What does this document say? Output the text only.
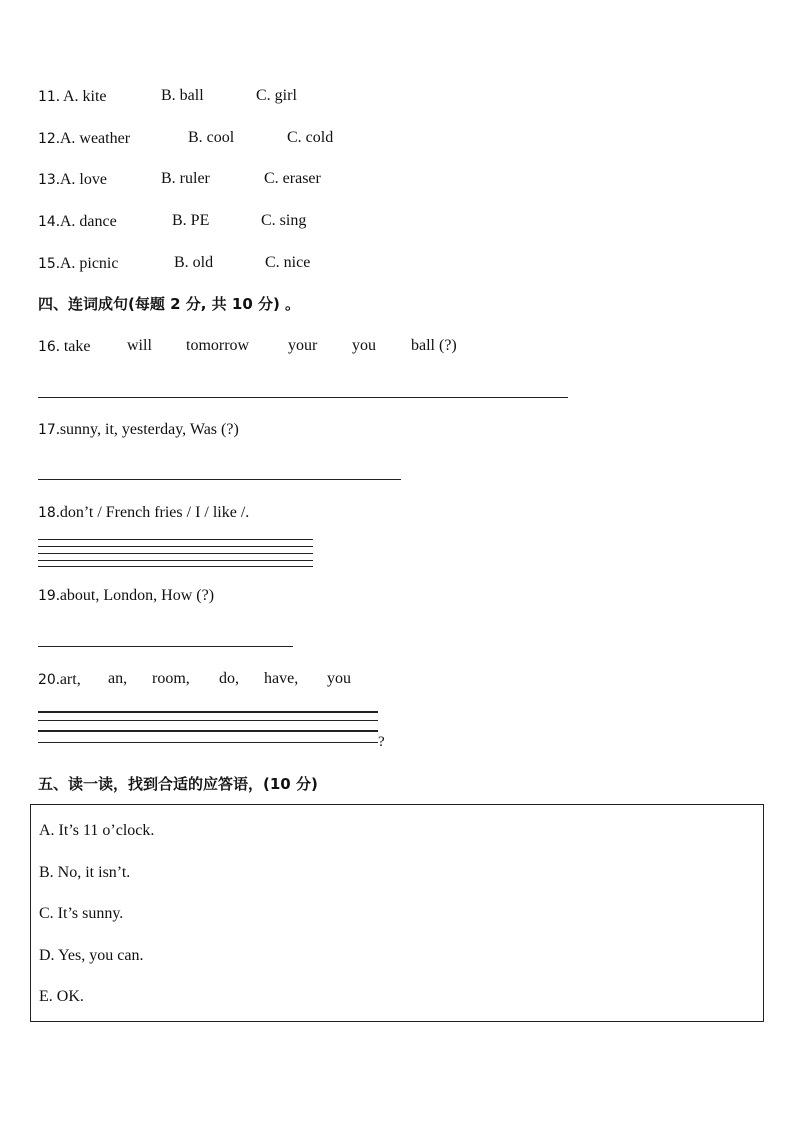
11. A. kite	B. ball	C. girl
12.A. weather	B. cool	C. cold
13.A. love	B. ruler	C. eraser
14.A. dance	B. PE	C. sing
15.A. picnic	B. old	C. nice
四、连词成句(每题 2 分, 共 10 分) 。
16. take will tomorrow your you ball (?)
17.sunny, it, yesterday, Was (?)
18.don’t / French fries / I / like /.
19.about, London, How (?)
20.art, an, room, do, have, you
?
五、读一读，找到合适的应答语，(10 分)
A. It’s 11 o’clock.
B. No, it isn’t.
C. It’s sunny.
D. Yes, you can.
E. OK.
